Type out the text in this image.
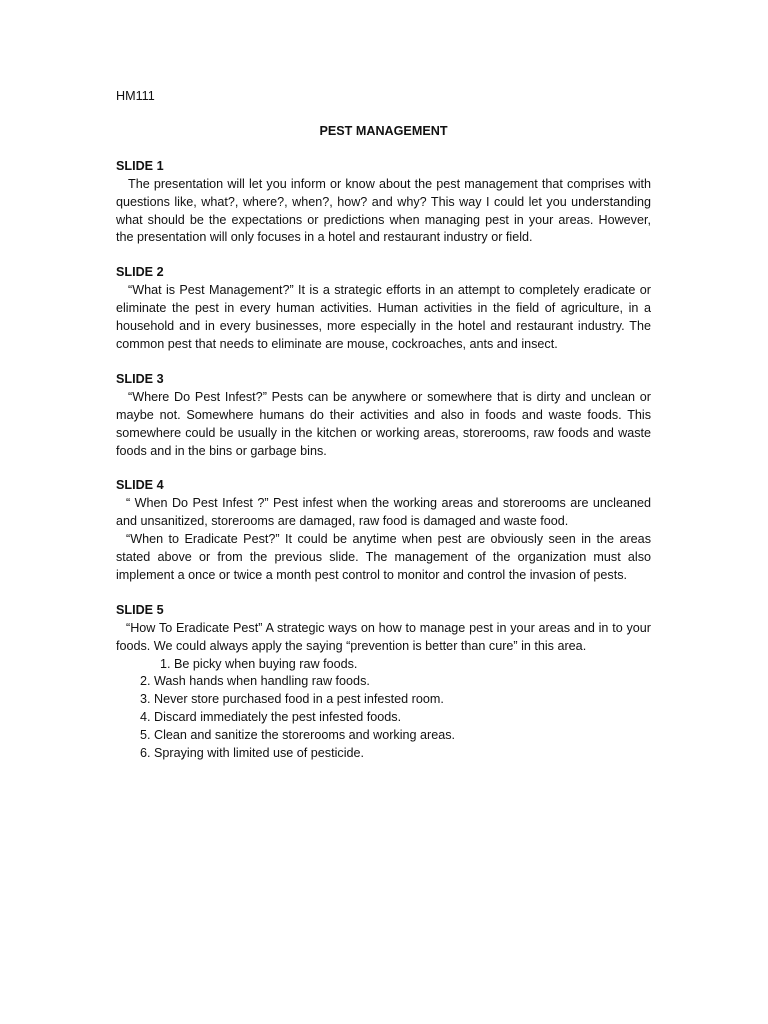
HM111

PEST MANAGEMENT

SLIDE 1

The presentation will let you inform or know about the pest management that comprises with questions like, what?, where?, when?, how? and why? This way I could let you understanding what should be the expectations or predictions when managing pest in your areas. However, the presentation will only focuses in a hotel and restaurant industry or field.

SLIDE 2

“What is Pest Management?” It is a strategic efforts in an attempt to completely eradicate or eliminate the pest in every human activities. Human activities in the field of agriculture, in a household and in every businesses, more especially in the hotel and restaurant industry. The common pest that needs to eliminate are mouse, cockroaches, ants and insect.

SLIDE 3

“Where Do Pest Infest?” Pests can be anywhere or somewhere that is dirty and unclean or maybe not. Somewhere humans do their activities and also in foods and waste foods. This somewhere could be usually in the kitchen or working areas, storerooms, raw foods and waste foods and in the bins or garbage bins.

SLIDE 4

“ When Do Pest Infest ?” Pest infest when the working areas and storerooms are uncleaned and unsanitized, storerooms are damaged, raw food is damaged and waste food.

“When to Eradicate Pest?” It could be anytime when pest are obviously seen in the areas stated above or from the previous slide. The management of the organization must also implement a once or twice a month pest control to monitor and control the invasion of pests.

SLIDE 5

“How To Eradicate Pest” A strategic ways on how to manage pest in your areas and in to your foods. We could always apply the saying “prevention is better than cure” in this area.

1. Be picky when buying raw foods.
2. Wash hands when handling raw foods.
3. Never store purchased food in a pest infested room.
4. Discard immediately the pest infested foods.
5. Clean and sanitize the storerooms and working areas.
6. Spraying with limited use of pesticide.
